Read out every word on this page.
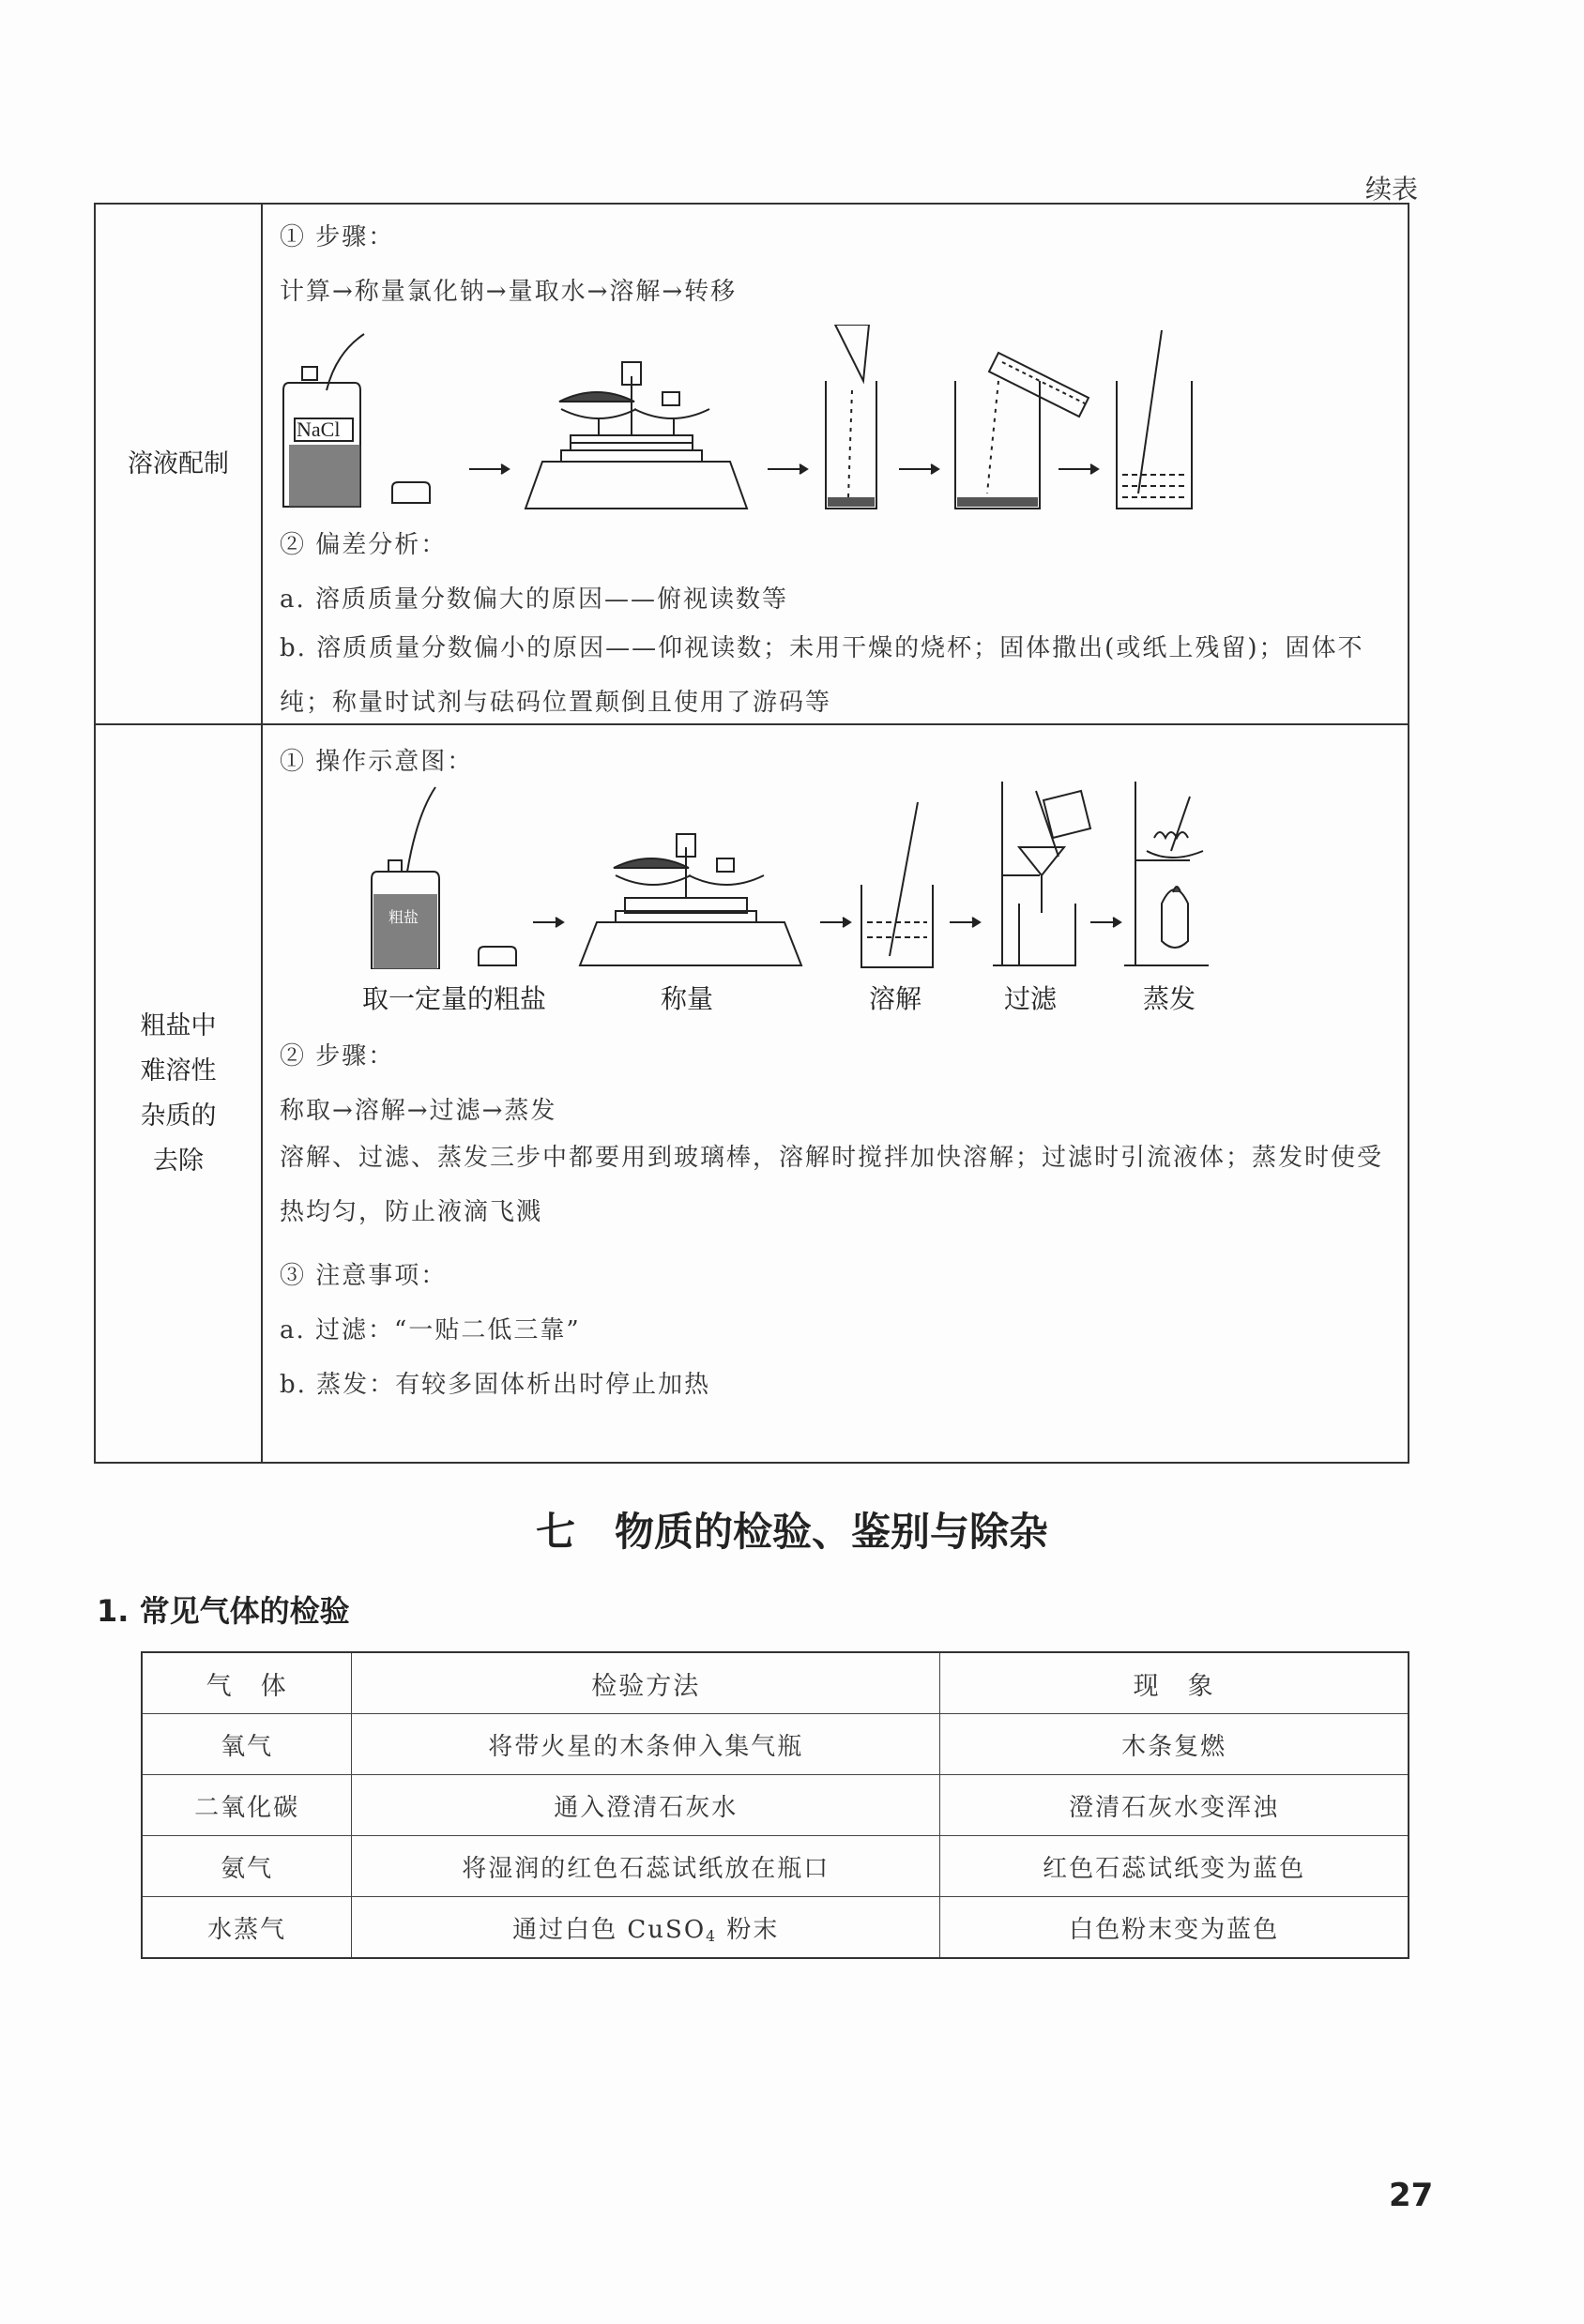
续表
溶液配制
① 步骤：
计算→称量氯化钠→量取水→溶解→转移
NaCl
② 偏差分析：
a. 溶质质量分数偏大的原因——俯视读数等
b. 溶质质量分数偏小的原因——仰视读数；未用干燥的烧杯；固体撒出(或纸上残留)；固体不纯；称量时试剂与砝码位置颠倒且使用了游码等
粗盐中
难溶性
杂质的
去除
① 操作示意图：
粗盐
取一定量的粗盐	称量	溶解	过滤	蒸发
② 步骤：
称取→溶解→过滤→蒸发
溶解、过滤、蒸发三步中都要用到玻璃棒，溶解时搅拌加快溶解；过滤时引流液体；蒸发时使受热均匀，防止液滴飞溅
③ 注意事项：
a. 过滤：“一贴二低三靠”
b. 蒸发：有较多固体析出时停止加热
七　物质的检验、鉴别与除杂
1. 常见气体的检验
气　体	检验方法	现　象
氧气	将带火星的木条伸入集气瓶	木条复燃
二氧化碳	通入澄清石灰水	澄清石灰水变浑浊
氨气	将湿润的红色石蕊试纸放在瓶口	红色石蕊试纸变为蓝色
水蒸气	通过白色 CuSO$_4$ 粉末	白色粉末变为蓝色
27
